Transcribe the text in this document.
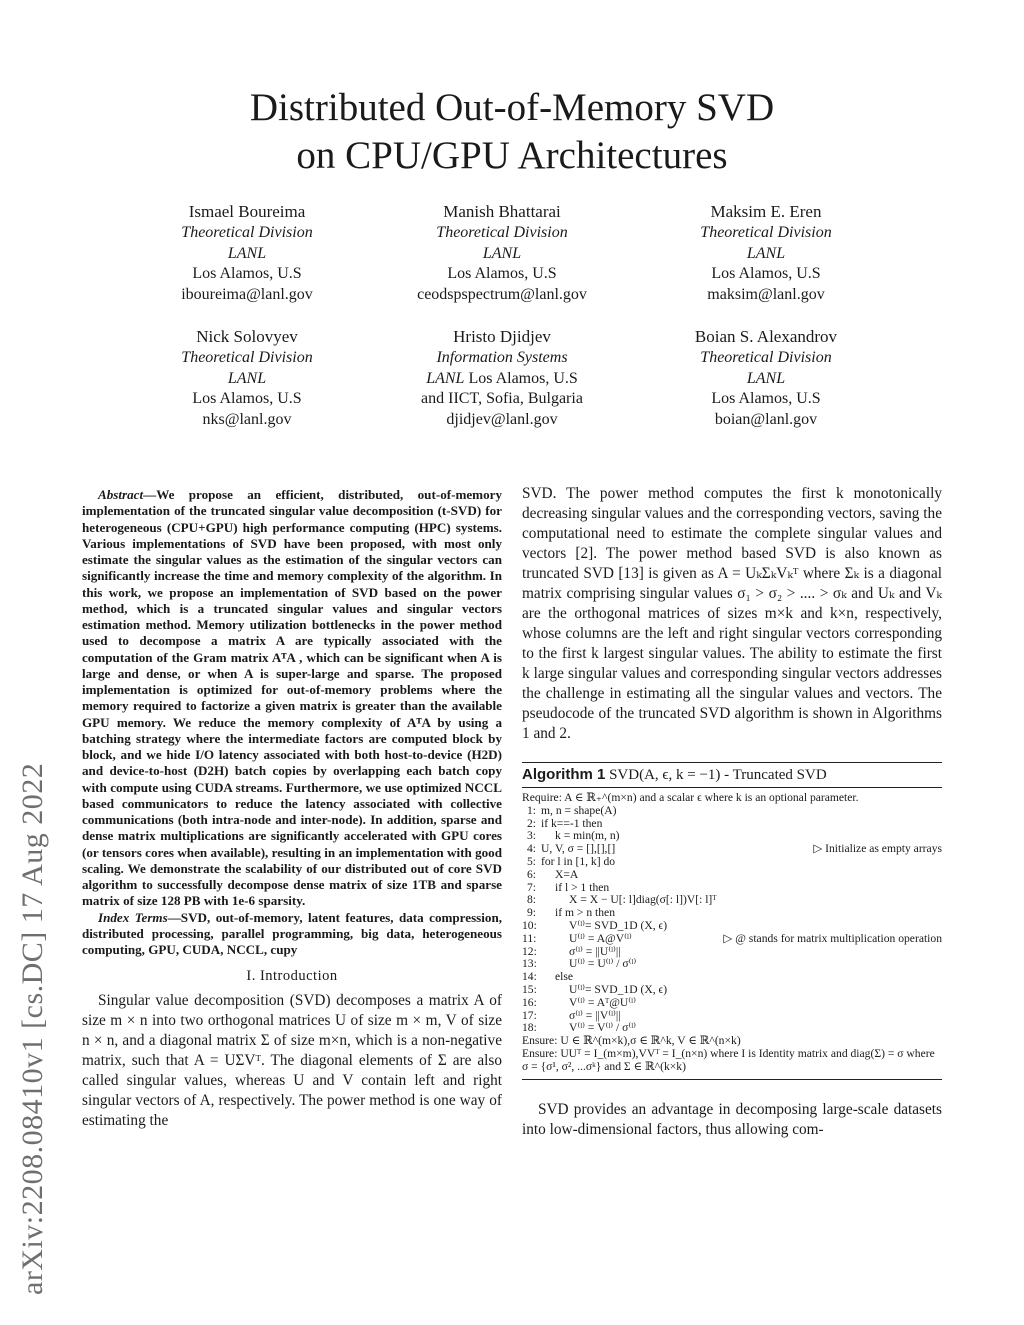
arXiv:2208.08410v1 [cs.DC] 17 Aug 2022
Distributed Out-of-Memory SVD
on CPU/GPU Architectures
Ismael Boureima
Theoretical Division
LANL
Los Alamos, U.S
iboureima@lanl.gov
Manish Bhattarai
Theoretical Division
LANL
Los Alamos, U.S
ceodspspectrum@lanl.gov
Maksim E. Eren
Theoretical Division
LANL
Los Alamos, U.S
maksim@lanl.gov
Nick Solovyev
Theoretical Division
LANL
Los Alamos, U.S
nks@lanl.gov
Hristo Djidjev
Information Systems
LANL Los Alamos, U.S
and IICT, Sofia, Bulgaria
djidjev@lanl.gov
Boian S. Alexandrov
Theoretical Division
LANL
Los Alamos, U.S
boian@lanl.gov

Abstract—We propose an efficient, distributed, out-of-memory implementation of the truncated singular value decomposition (t-SVD) for heterogeneous (CPU+GPU) high performance computing (HPC) systems. Various implementations of SVD have been proposed, with most only estimate the singular values as the estimation of the singular vectors can significantly increase the time and memory complexity of the algorithm. In this work, we propose an implementation of SVD based on the power method, which is a truncated singular values and singular vectors estimation method. Memory utilization bottlenecks in the power method used to decompose a matrix A are typically associated with the computation of the Gram matrix AᵀA , which can be significant when A is large and dense, or when A is super-large and sparse. The proposed implementation is optimized for out-of-memory problems where the memory required to factorize a given matrix is greater than the available GPU memory. We reduce the memory complexity of AᵀA by using a batching strategy where the intermediate factors are computed block by block, and we hide I/O latency associated with both host-to-device (H2D) and device-to-host (D2H) batch copies by overlapping each batch copy with compute using CUDA streams. Furthermore, we use optimized NCCL based communicators to reduce the latency associated with collective communications (both intra-node and inter-node). In addition, sparse and dense matrix multiplications are significantly accelerated with GPU cores (or tensors cores when available), resulting in an implementation with good scaling. We demonstrate the scalability of our distributed out of core SVD algorithm to successfully decompose dense matrix of size 1TB and sparse matrix of size 128 PB with 1e-6 sparsity.

Index Terms—SVD, out-of-memory, latent features, data compression, distributed processing, parallel programming, big data, heterogeneous computing, GPU, CUDA, NCCL, cupy

I. Introduction

Singular value decomposition (SVD) decomposes a matrix A of size m × n into two orthogonal matrices U of size m × m, V of size n × n, and a diagonal matrix Σ of size m×n, which is a non-negative matrix, such that A = UΣVᵀ. The diagonal elements of Σ are also called singular values, whereas U and V contain left and right singular vectors of A, respectively. The power method is one way of estimating the

SVD. The power method computes the first k monotonically decreasing singular values and the corresponding vectors, saving the computational need to estimate the complete singular values and vectors [2]. The power method based SVD is also known as truncated SVD [13] is given as A = UₖΣₖVₖᵀ where Σₖ is a diagonal matrix comprising singular values σ₁ > σ₂ > .... > σₖ and Uₖ and Vₖ are the orthogonal matrices of sizes m×k and k×n, respectively, whose columns are the left and right singular vectors corresponding to the first k largest singular values. The ability to estimate the first k large singular values and corresponding singular vectors addresses the challenge in estimating all the singular values and vectors. The pseudocode of the truncated SVD algorithm is shown in Algorithms 1 and 2.

Algorithm 1 SVD(A, ϵ, k = −1) - Truncated SVD
Require: A ∈ ℝ₊^(m×n) and a scalar ϵ where k is an optional parameter.
1: m, n = shape(A)
2: if k==-1 then
3: k = min(m, n)
4: U, V, σ = [],[],[]	▷ Initialize as empty arrays
5: for l in [1, k] do
6: X=A
7: if l > 1 then
8:	X = X − U[: l]diag(σ[: l])V[: l]ᵀ
9: if m > n then
10:	V⁽ˡ⁾= SVD_1D (X, ϵ)
11:	U⁽ˡ⁾ = A@V⁽ˡ⁾	▷ @ stands for matrix multiplication operation
12:	σ⁽ˡ⁾ = ||U⁽ˡ⁾||
13:	U⁽ˡ⁾ = U⁽ˡ⁾ / σ⁽ˡ⁾
14: else
15:	U⁽ˡ⁾= SVD_1D (X, ϵ)
16:	V⁽ˡ⁾ = Aᵀ@U⁽ˡ⁾
17:	σ⁽ˡ⁾ = ||V⁽ˡ⁾||
18:	V⁽ˡ⁾ = V⁽ˡ⁾ / σ⁽ˡ⁾
Ensure: U ∈ ℝ^(m×k),σ ∈ ℝ^k, V ∈ ℝ^(n×k)
Ensure: UUᵀ = I_(m×m),VVᵀ = I_(n×n) where I is Identity matrix and diag(Σ) = σ where σ = {σ¹, σ², ...σᵏ} and Σ ∈ ℝ^(k×k)

SVD provides an advantage in decomposing large-scale datasets into low-dimensional factors, thus allowing com-
